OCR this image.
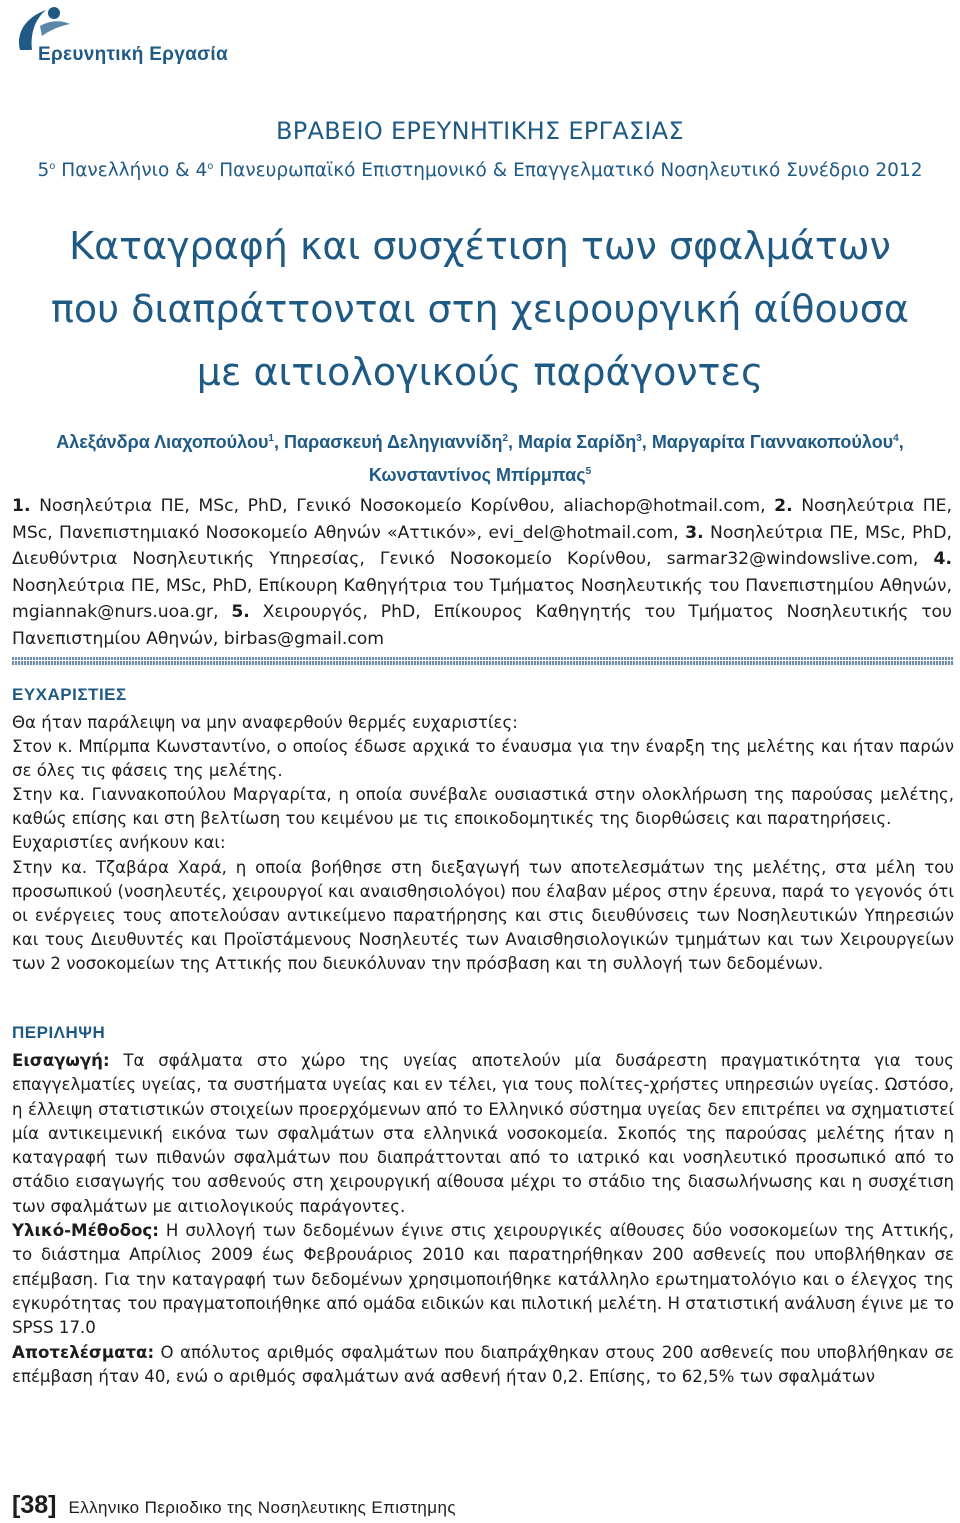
Ερευνητική Εργασία
ΒΡΑΒΕΙΟ ΕΡΕΥΝΗΤΙΚΗΣ ΕΡΓΑΣΙΑΣ
$5^o$ Πανελλήνιο & $4^o$ Πανευρωπαϊκό Επιστημονικό & Επαγγελματικό Νοσηλευτικό Συνέδριο 2012
Καταγραφή και συσχέτιση των σφαλμάτων
που διαπράττονται στη χειρουργική αίθουσα
με αιτιολογικούς παράγοντες
Αλεξάνδρα Λιαχοπούλου$^1$, Παρασκευή Δεληγιαννίδη$^2$, Μαρία Σαρίδη$^3$, Μαργαρίτα Γιαννακοπούλου$^4$,
Κωνσταντίνος Μπίρμπας$^5$
1. Νοσηλεύτρια ΠΕ, MSc, PhD, Γενικό Νοσοκομείο Κορίνθου, aliachop@hotmail.com, 2. Νοσηλεύτρια ΠΕ, MSc, Πανεπιστημιακό Νοσοκομείο Αθηνών «Αττικόν», evi_del@hotmail.com, 3. Νοσηλεύτρια ΠΕ, MSc, PhD, Διευθύντρια Νοσηλευτικής Υπηρεσίας, Γενικό Νοσοκομείο Κορίνθου, sarmar32@windowslive.com, 4. Νοσηλεύτρια ΠΕ, MSc, PhD, Επίκουρη Καθηγήτρια του Τμήματος Νοσηλευτικής του Πανεπιστημίου Αθηνών, mgiannak@nurs.uoa.gr, 5. Χειρουργός, PhD, Επίκουρος Καθηγητής του Τμήματος Νοσηλευτικής του Πανεπιστημίου Αθηνών, birbas@gmail.com
ΕΥΧΑΡΙΣΤΙΕΣ

Θα ήταν παράλειψη να μην αναφερθούν θερμές ευχαριστίες:

Στον κ. Μπίρμπα Κωνσταντίνο, ο οποίος έδωσε αρχικά το έναυσμα για την έναρξη της μελέτης και ήταν παρών σε όλες τις φάσεις της μελέτης.

Στην κα. Γιαννακοπούλου Μαργαρίτα, η οποία συνέβαλε ουσιαστικά στην ολοκλήρωση της παρούσας μελέτης, καθώς επίσης και στη βελτίωση του κειμένου με τις εποικοδομητικές της διορθώσεις και παρατηρήσεις.

Ευχαριστίες ανήκουν και:

Στην κα. Τζαβάρα Χαρά, η οποία βοήθησε στη διεξαγωγή των αποτελεσμάτων της μελέτης, στα μέλη του προσωπικού (νοσηλευτές, χειρουργοί και αναισθησιολόγοι) που έλαβαν μέρος στην έρευνα, παρά το γεγονός ότι οι ενέργειες τους αποτελούσαν αντικείμενο παρατήρησης και στις διευθύνσεις των Νοσηλευτικών Υπηρεσιών και τους Διευθυντές και Προϊστάμενους Νοσηλευτές των Αναισθησιολογικών τμημάτων και των Χειρουργείων των 2 νοσοκομείων της Αττικής που διευκόλυναν την πρόσβαση και τη συλλογή των δεδομένων.

ΠΕΡΙΛΗΨΗ

Εισαγωγή: Τα σφάλματα στο χώρο της υγείας αποτελούν μία δυσάρεστη πραγματικότητα για τους επαγγελματίες υγείας, τα συστήματα υγείας και εν τέλει, για τους πολίτες-χρήστες υπηρεσιών υγείας. Ωστόσο, η έλλειψη στατιστικών στοιχείων προερχόμενων από το Ελληνικό σύστημα υγείας δεν επιτρέπει να σχηματιστεί μία αντικειμενική εικόνα των σφαλμάτων στα ελληνικά νοσοκομεία. Σκοπός της παρούσας μελέτης ήταν η καταγραφή των πιθανών σφαλμάτων που διαπράττονται από το ιατρικό και νοσηλευτικό προσωπικό από το στάδιο εισαγωγής του ασθενούς στη χειρουργική αίθουσα μέχρι το στάδιο της διασωλήνωσης και η συσχέτιση των σφαλμάτων με αιτιολογικούς παράγοντες.

Υλικό-Μέθοδος: Η συλλογή των δεδομένων έγινε στις χειρουργικές αίθουσες δύο νοσοκομείων της Αττικής, το διάστημα Απρίλιος 2009 έως Φεβρουάριος 2010 και παρατηρήθηκαν 200 ασθενείς που υποβλήθηκαν σε επέμβαση. Για την καταγραφή των δεδομένων χρησιμοποιήθηκε κατάλληλο ερωτηματολόγιο και ο έλεγχος της εγκυρότητας του πραγματοποιήθηκε από ομάδα ειδικών και πιλοτική μελέτη. Η στατιστική ανάλυση έγινε με το SPSS 17.0

Αποτελέσματα: Ο απόλυτος αριθμός σφαλμάτων που διαπράχθηκαν στους 200 ασθενείς που υποβλήθηκαν σε επέμβαση ήταν 40, ενώ ο αριθμός σφαλμάτων ανά ασθενή ήταν 0,2. Επίσης, το 62,5% των σφαλμάτων

[38] Ελληνικο Περιοδικο της Νοσηλευτικης Επιστημης
